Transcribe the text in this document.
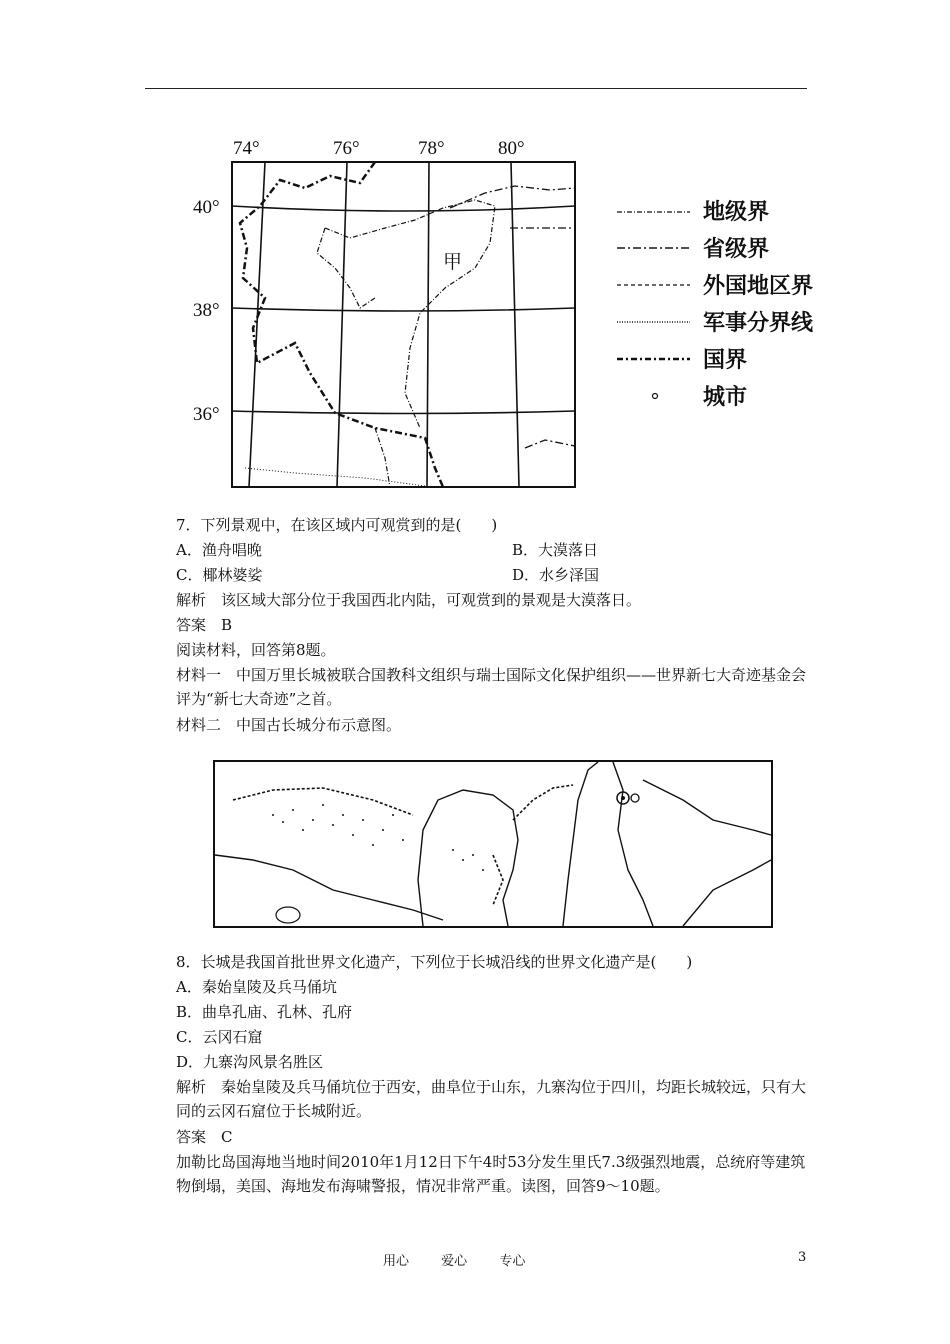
74°	76°	78°	80°
40°
38°
36°
甲
地级界
省级界
外国地区界
军事分界线
国界
城市
7．下列景观中，在该区域内可观赏到的是(　　)
A．渔舟唱晚	B．大漠落日
C．椰林婆娑	D．水乡泽国
解析　该区域大部分位于我国西北内陆，可观赏到的景观是大漠落日。
答案　B
阅读材料，回答第8题。
材料一　中国万里长城被联合国教科文组织与瑞士国际文化保护组织——世界新七大奇迹基金会评为“新七大奇迹”之首。
材料二　中国古长城分布示意图。
8．长城是我国首批世界文化遗产，下列位于长城沿线的世界文化遗产是(　　)
A．秦始皇陵及兵马俑坑
B．曲阜孔庙、孔林、孔府
C．云冈石窟
D．九寨沟风景名胜区
解析　秦始皇陵及兵马俑坑位于西安，曲阜位于山东，九寨沟位于四川，均距长城较远，只有大同的云冈石窟位于长城附近。
答案　C
加勒比岛国海地当地时间2010年1月12日下午4时53分发生里氏7.3级强烈地震，总统府等建筑物倒塌，美国、海地发布海啸警报，情况非常严重。读图，回答9～10题。
用心 爱心 专心	3
